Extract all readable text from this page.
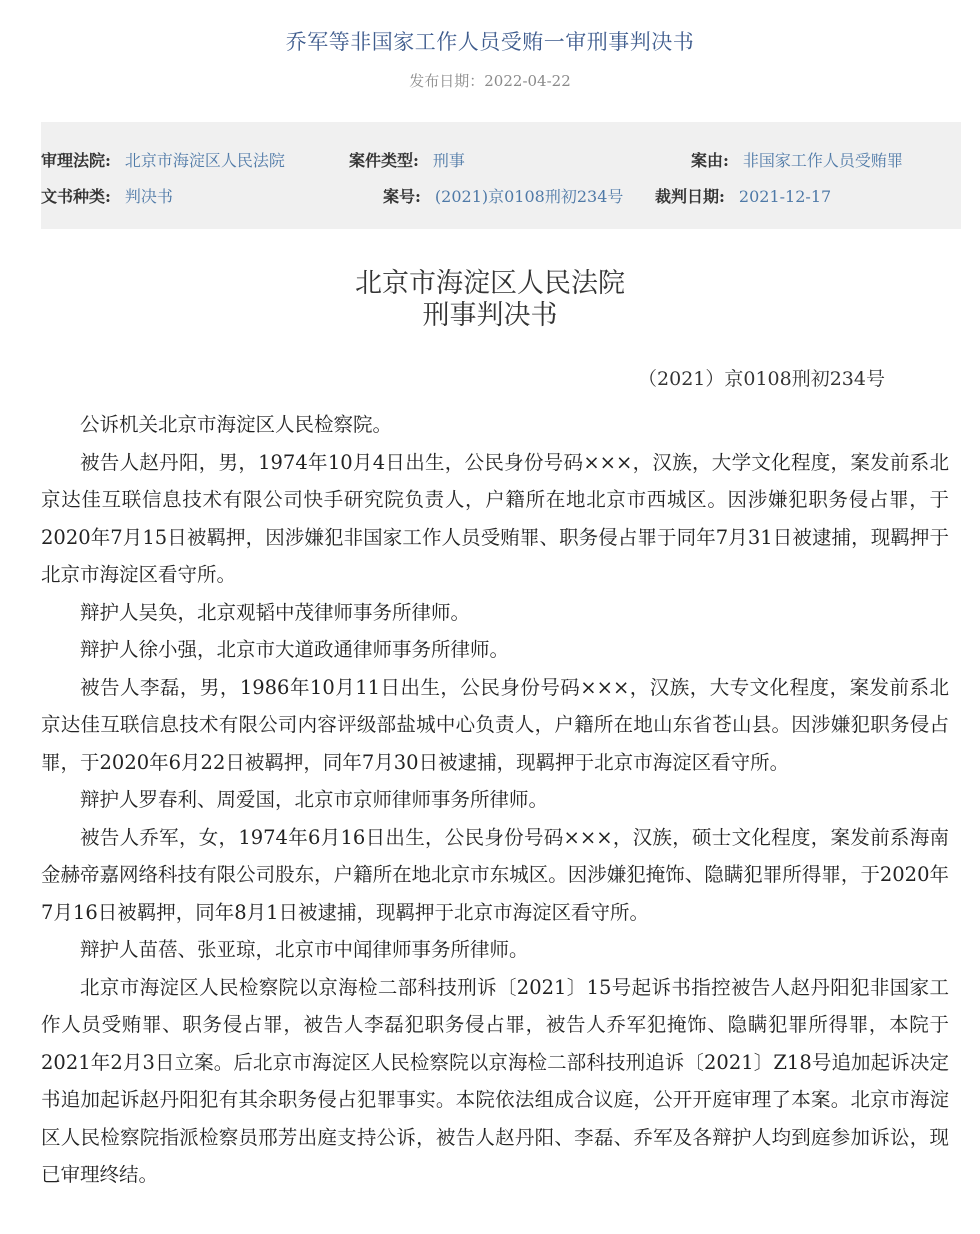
乔军等非国家工作人员受贿一审刑事判决书
发布日期：2022-04-22
审理法院: 北京市海淀区人民法院	案件类型: 刑事	案由: 非国家工作人员受贿罪
文书种类: 判决书	案号: (2021)京0108刑初234号 裁判日期: 2021-12-17
北京市海淀区人民法院
刑事判决书
（2021）京0108刑初234号

公诉机关北京市海淀区人民检察院。

被告人赵丹阳，男，1974年10月4日出生，公民身份号码×××，汉族，大学文化程度，案发前系北京达佳互联信息技术有限公司快手研究院负责人，户籍所在地北京市西城区。因涉嫌犯职务侵占罪，于2020年7月15日被羁押，因涉嫌犯非国家工作人员受贿罪、职务侵占罪于同年7月31日被逮捕，现羁押于北京市海淀区看守所。

辩护人吴奂，北京观韬中茂律师事务所律师。

辩护人徐小强，北京市大道政通律师事务所律师。

被告人李磊，男，1986年10月11日出生，公民身份号码×××，汉族，大专文化程度，案发前系北京达佳互联信息技术有限公司内容评级部盐城中心负责人，户籍所在地山东省苍山县。因涉嫌犯职务侵占罪，于2020年6月22日被羁押，同年7月30日被逮捕，现羁押于北京市海淀区看守所。

辩护人罗春利、周爱国，北京市京师律师事务所律师。

被告人乔军，女，1974年6月16日出生，公民身份号码×××，汉族，硕士文化程度，案发前系海南金赫帝嘉网络科技有限公司股东，户籍所在地北京市东城区。因涉嫌犯掩饰、隐瞒犯罪所得罪，于2020年7月16日被羁押，同年8月1日被逮捕，现羁押于北京市海淀区看守所。

辩护人苗蓓、张亚琼，北京市中闻律师事务所律师。

北京市海淀区人民检察院以京海检二部科技刑诉〔2021〕15号起诉书指控被告人赵丹阳犯非国家工作人员受贿罪、职务侵占罪，被告人李磊犯职务侵占罪，被告人乔军犯掩饰、隐瞒犯罪所得罪，本院于2021年2月3日立案。后北京市海淀区人民检察院以京海检二部科技刑追诉〔2021〕Z18号追加起诉决定书追加起诉赵丹阳犯有其余职务侵占犯罪事实。本院依法组成合议庭，公开开庭审理了本案。北京市海淀区人民检察院指派检察员邢芳出庭支持公诉，被告人赵丹阳、李磊、乔军及各辩护人均到庭参加诉讼，现已审理终结。
